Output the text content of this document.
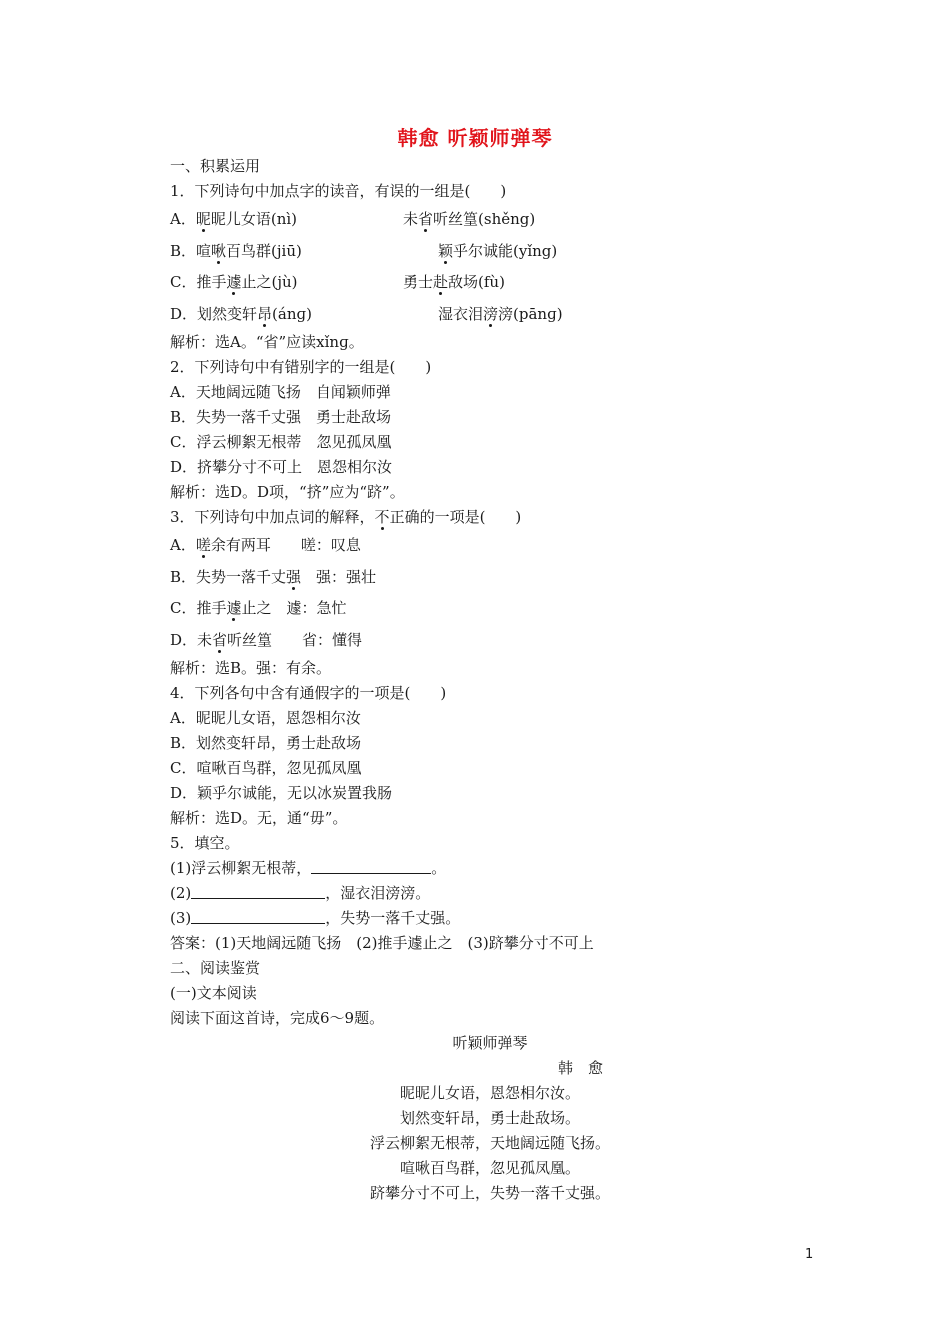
韩愈 听颖师弹琴
一、积累运用
1．下列诗句中加点字的读音，有误的一组是(　　)
A．昵昵儿女语(nì)	未省听丝篁(shěng)
B．喧啾百鸟群(jiū)	颖乎尔诚能(yǐng)
C．推手遽止之(jù)	勇士赴敌场(fù)
D．划然变轩昂(ánɡ)	湿衣泪滂滂(pānɡ)
解析：选A。“省”应读xǐnɡ。
2．下列诗句中有错别字的一组是(　　)
A．天地阔远随飞扬　自闻颖师弹
B．失势一落千丈强　勇士赴敌场
C．浮云柳絮无根蒂　忽见孤凤凰
D．挤攀分寸不可上　恩怨相尔汝
解析：选D。D项，“挤”应为“跻”。
3．下列诗句中加点词的解释，不正确的一项是(　　)
A．嗟余有两耳　　嗟：叹息
B．失势一落千丈强　强：强壮
C．推手遽止之　遽：急忙
D．未省听丝篁　　省：懂得
解析：选B。强：有余。
4．下列各句中含有通假字的一项是(　　)
A．昵昵儿女语，恩怨相尔汝
B．划然变轩昂，勇士赴敌场
C．喧啾百鸟群，忽见孤凤凰
D．颖乎尔诚能，无以冰炭置我肠
解析：选D。无，通“毋”。
5．填空。
(1)浮云柳絮无根蒂，	。
(2)	，湿衣泪滂滂。
(3)	，失势一落千丈强。
答案：(1)天地阔远随飞扬　(2)推手遽止之　(3)跻攀分寸不可上
二、阅读鉴赏
(一)文本阅读
阅读下面这首诗，完成6～9题。
听颖师弹琴
韩　愈
昵昵儿女语，恩怨相尔汝。
划然变轩昂，勇士赴敌场。
浮云柳絮无根蒂，天地阔远随飞扬。
喧啾百鸟群，忽见孤凤凰。
跻攀分寸不可上，失势一落千丈强。
1
